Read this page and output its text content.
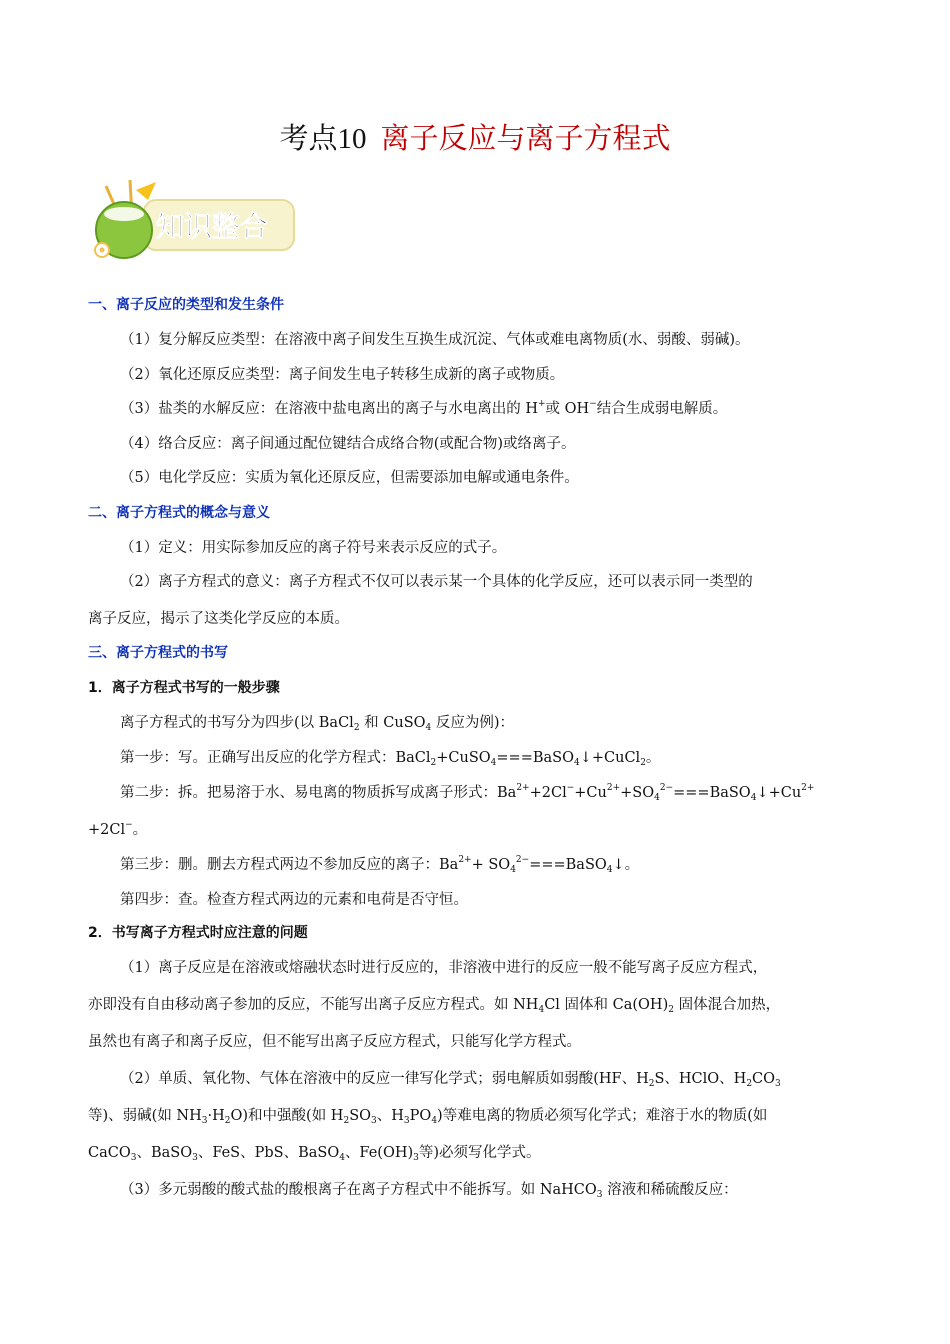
考点10 离子反应与离子方程式
知识整合
一、离子反应的类型和发生条件
（1）复分解反应类型：在溶液中离子间发生互换生成沉淀、气体或难电离物质(水、弱酸、弱碱)。
（2）氧化还原反应类型：离子间发生电子转移生成新的离子或物质。
（3）盐类的水解反应：在溶液中盐电离出的离子与水电离出的 H+或 OH−结合生成弱电解质。
（4）络合反应：离子间通过配位键结合成络合物(或配合物)或络离子。
（5）电化学反应：实质为氧化还原反应，但需要添加电解或通电条件。
二、离子方程式的概念与意义
（1）定义：用实际参加反应的离子符号来表示反应的式子。
（2）离子方程式的意义：离子方程式不仅可以表示某一个具体的化学反应，还可以表示同一类型的
离子反应，揭示了这类化学反应的本质。
三、离子方程式的书写
1．离子方程式书写的一般步骤
离子方程式的书写分为四步(以 BaCl$_2$ 和 CuSO$_4$ 反应为例)：
第一步：写。正确写出反应的化学方程式：BaCl$_2$+CuSO$_4$===BaSO$_4$↓+CuCl$_2$。
第二步：拆。把易溶于水、易电离的物质拆写成离子形式：$Ba^{2+}+2Cl^-+Cu^{2+}+SO_4^{2-}===BaSO_4↓+Cu^{2+}$
+2Cl−。
第三步：删。删去方程式两边不参加反应的离子：$Ba^{2+}+$ $SO_4^{2-}===BaSO_4↓$。
第四步：查。检查方程式两边的元素和电荷是否守恒。
2．书写离子方程式时应注意的问题
（1）离子反应是在溶液或熔融状态时进行反应的，非溶液中进行的反应一般不能写离子反应方程式，
亦即没有自由移动离子参加的反应，不能写出离子反应方程式。如 $NH_4Cl$ 固体和 $Ca(OH)_2$ 固体混合加热，
虽然也有离子和离子反应，但不能写出离子反应方程式，只能写化学方程式。
（2）单质、氧化物、气体在溶液中的反应一律写化学式；弱电解质如弱酸(HF、$H_2S$、HClO、$H_2CO_3$
等)、弱碱(如 $NH_3\cdot H_2O$)和中强酸(如 $H_2SO_3$、$H_3PO_4$)等难电离的物质必须写化学式；难溶于水的物质(如
CaCO$_3$、BaSO$_3$、FeS、PbS、BaSO$_4$、$Fe(OH)_3$等)必须写化学式。
（3）多元弱酸的酸式盐的酸根离子在离子方程式中不能拆写。如 NaHCO$_3$ 溶液和稀硫酸反应：
